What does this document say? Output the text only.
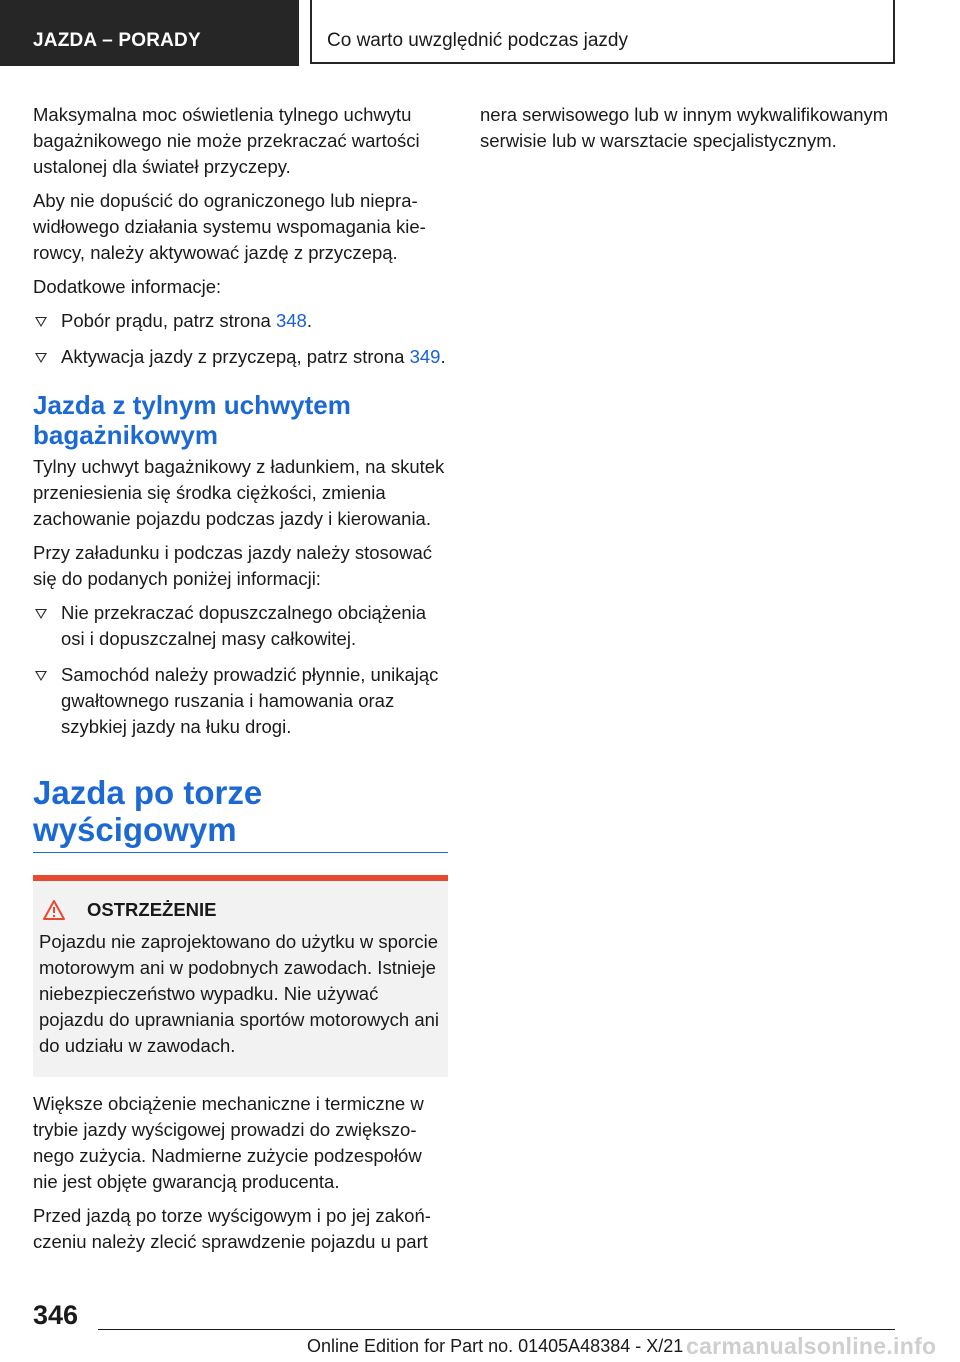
JAZDA – PORADY	Co warto uwzględnić podczas jazdy

Maksymalna moc oświetlenia tylnego uchwytu bagażnikowego nie może przekraczać wartości ustalonej dla świateł przyczepy.

Aby nie dopuścić do ograniczonego lub nieprawidłowego działania systemu wspomagania kierowcy, należy aktywować jazdę z przyczepą.

Dodatkowe informacje:

Pobór prądu, patrz strona 348.
Aktywacja jazdy z przyczepą, patrz strona 349.
Jazda z tylnym uchwytem bagażnikowym

Tylny uchwyt bagażnikowy z ładunkiem, na skutek przeniesienia się środka ciężkości, zmienia zachowanie pojazdu podczas jazdy i kierowania.

Przy załadunku i podczas jazdy należy stosować się do podanych poniżej informacji:

Nie przekraczać dopuszczalnego obciążenia osi i dopuszczalnej masy całkowitej.
Samochód należy prowadzić płynnie, unikając gwałtownego ruszania i hamowania oraz szybkiej jazdy na łuku drogi.
Jazda po torze wyścigowym
OSTRZEŻENIE

Pojazdu nie zaprojektowano do użytku w sporcie motorowym ani w podobnych zawodach. Istnieje niebezpieczeństwo wypadku. Nie używać pojazdu do uprawniania sportów motorowych ani do udziału w zawodach.

Większe obciążenie mechaniczne i termiczne w trybie jazdy wyścigowej prowadzi do zwiększonego zużycia. Nadmierne zużycie podzespołów nie jest objęte gwarancją producenta.

Przed jazdą po torze wyścigowym i po jej zakończeniu należy zlecić sprawdzenie pojazdu u part

nera serwisowego lub w innym wykwalifikowanym serwisie lub w warsztacie specjalistycznym.

346
Online Edition for Part no. 01405A48384 - X/21 carmanualsonline.info
